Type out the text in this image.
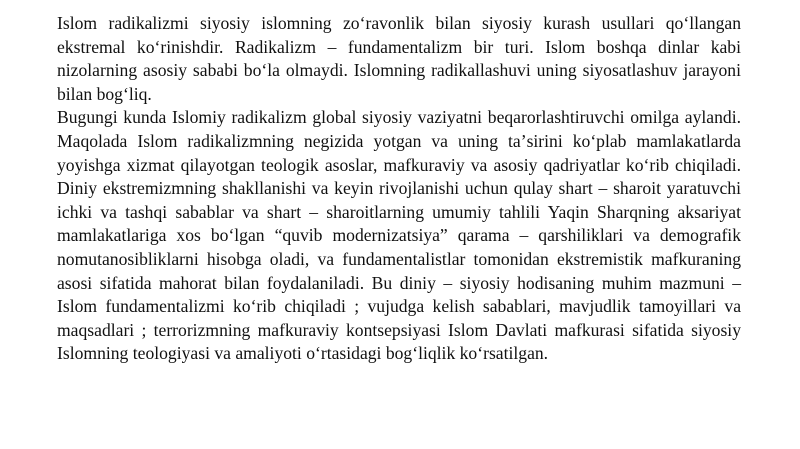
Islom radikalizmi siyosiy islomning zoʻravonlik bilan siyosiy kurash usullari qoʻllangan ekstremal koʻrinishdir. Radikalizm – fundamentalizm bir turi. Islom boshqa dinlar kabi nizolarning asosiy sababi boʻla olmaydi. Islomning radikallashuvi uning siyosatlashuv jarayoni bilan bogʻliq.

Bugungi kunda Islomiy radikalizm global siyosiy vaziyatni beqarorlashtiruvchi omilga aylandi. Maqolada Islom radikalizmning negizida yotgan va uning taʼsirini koʻplab mamlakatlarda yoyishga xizmat qilayotgan teologik asoslar, mafkuraviy va asosiy qadriyatlar koʻrib chiqiladi. Diniy ekstremizmning shakllanishi va keyin rivojlanishi uchun qulay shart – sharoit yaratuvchi ichki va tashqi sabablar va shart – sharoitlarning umumiy tahlili Yaqin Sharqning aksariyat mamlakatlariga xos boʻlgan “quvib modernizatsiya” qarama – qarshiliklari va demografik nomutanosibliklarni hisobga oladi, va fundamentalistlar tomonidan ekstremistik mafkuraning asosi sifatida mahorat bilan foydalaniladi. Bu diniy – siyosiy hodisaning muhim mazmuni – Islom fundamentalizmi koʻrib chiqiladi ; vujudga kelish sabablari, mavjudlik tamoyillari va maqsadlari ; terrorizmning mafkuraviy kontsepsiyasi Islom Davlati mafkurasi sifatida siyosiy Islomning teologiyasi va amaliyoti oʻrtasidagi bogʻliqlik koʻrsatilgan.
